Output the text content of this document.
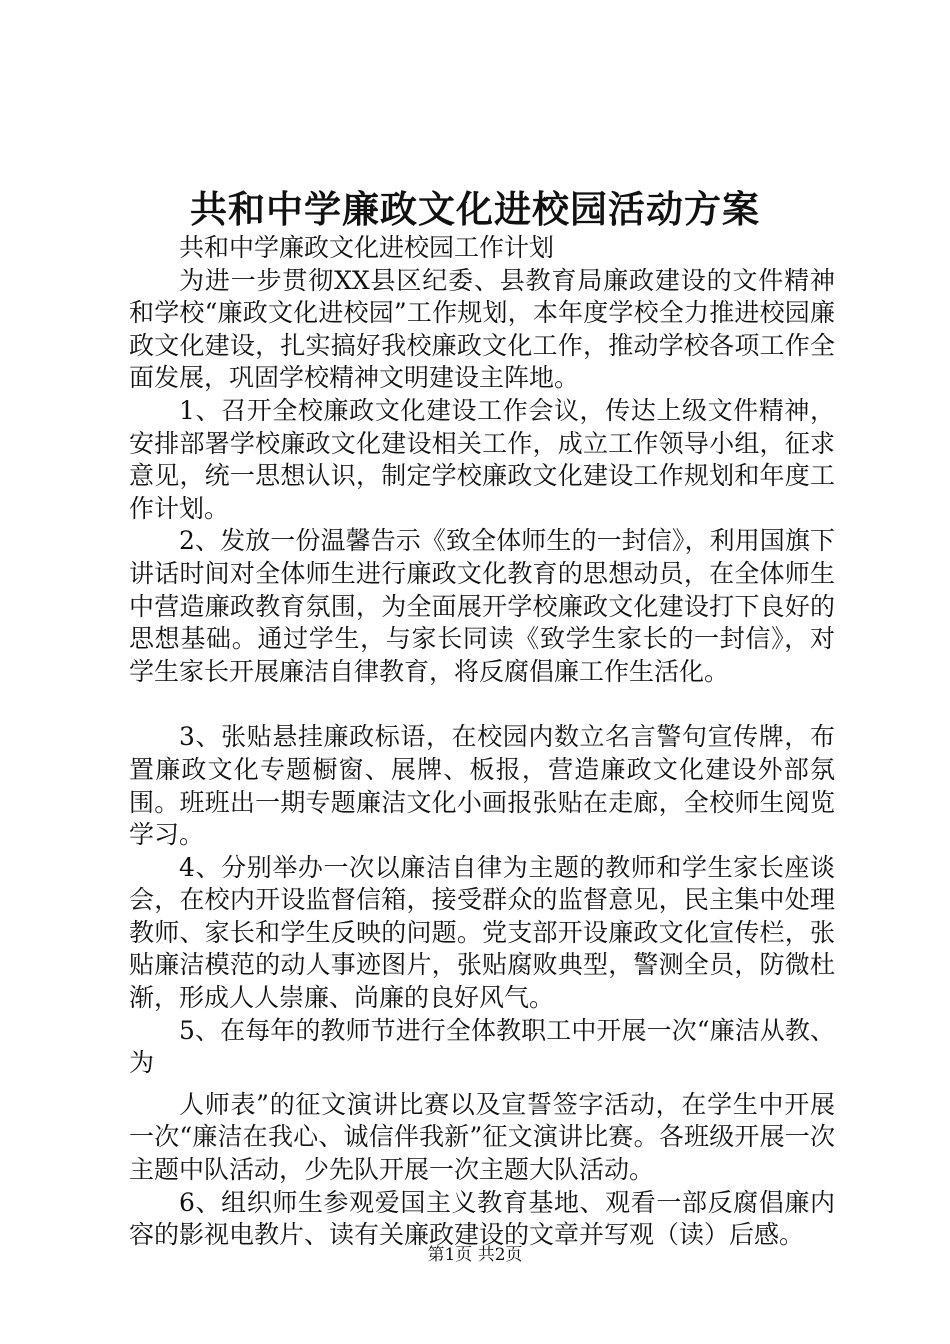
共和中学廉政文化进校园活动方案

共和中学廉政文化进校园工作计划

为进一步贯彻XX县区纪委、县教育局廉政建设的文件精神和学校“廉政文化进校园”工作规划，本年度学校全力推进校园廉政文化建设，扎实搞好我校廉政文化工作，推动学校各项工作全面发展，巩固学校精神文明建设主阵地。

1、召开全校廉政文化建设工作会议，传达上级文件精神，安排部署学校廉政文化建设相关工作，成立工作领导小组，征求意见，统一思想认识，制定学校廉政文化建设工作规划和年度工作计划。

2、发放一份温馨告示《致全体师生的一封信》，利用国旗下讲话时间对全体师生进行廉政文化教育的思想动员，在全体师生中营造廉政教育氛围，为全面展开学校廉政文化建设打下良好的思想基础。通过学生，与家长同读《致学生家长的一封信》，对学生家长开展廉洁自律教育，将反腐倡廉工作生活化。

3、张贴悬挂廉政标语，在校园内数立名言警句宣传牌，布置廉政文化专题橱窗、展牌、板报，营造廉政文化建设外部氛围。班班出一期专题廉洁文化小画报张贴在走廊，全校师生阅览学习。

4、分别举办一次以廉洁自律为主题的教师和学生家长座谈会，在校内开设监督信箱，接受群众的监督意见，民主集中处理教师、家长和学生反映的问题。党支部开设廉政文化宣传栏，张贴廉洁模范的动人事迹图片，张贴腐败典型，警测全员，防微杜渐，形成人人崇廉、尚廉的良好风气。

5、在每年的教师节进行全体教职工中开展一次“廉洁从教、为

人师表”的征文演讲比赛以及宣誓签字活动，在学生中开展一次“廉洁在我心、诚信伴我新”征文演讲比赛。各班级开展一次主题中队活动，少先队开展一次主题大队活动。

6、组织师生参观爱国主义教育基地、观看一部反腐倡廉内容的影视电教片、读有关廉政建设的文章并写观（读）后感。

第1页 共2页
